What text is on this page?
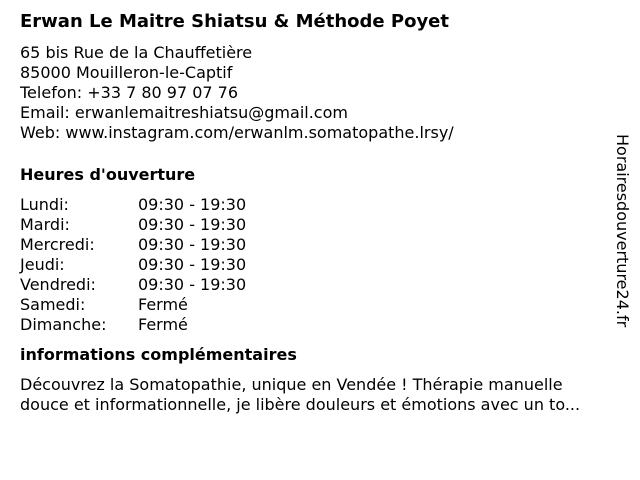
Erwan Le Maitre Shiatsu & Méthode Poyet
65 bis Rue de la Chauffetière
85000 Mouilleron-le-Captif
Telefon: +33 7 80 97 07 76
Email: erwanlemaitreshiatsu@gmail.com
Web: www.instagram.com/erwanlm.somatopathe.lrsy/
Heures d'ouverture
Lundi:	09:30 - 19:30
Mardi:	09:30 - 19:30
Mercredi:	09:30 - 19:30
Jeudi:	09:30 - 19:30
Vendredi:	09:30 - 19:30
Samedi:	Fermé
Dimanche:	Fermé
informations complémentaires
Découvrez la Somatopathie, unique en Vendée ! Thérapie manuelle
douce et informationnelle, je libère douleurs et émotions avec un to...
Horairesdouverture24.fr
